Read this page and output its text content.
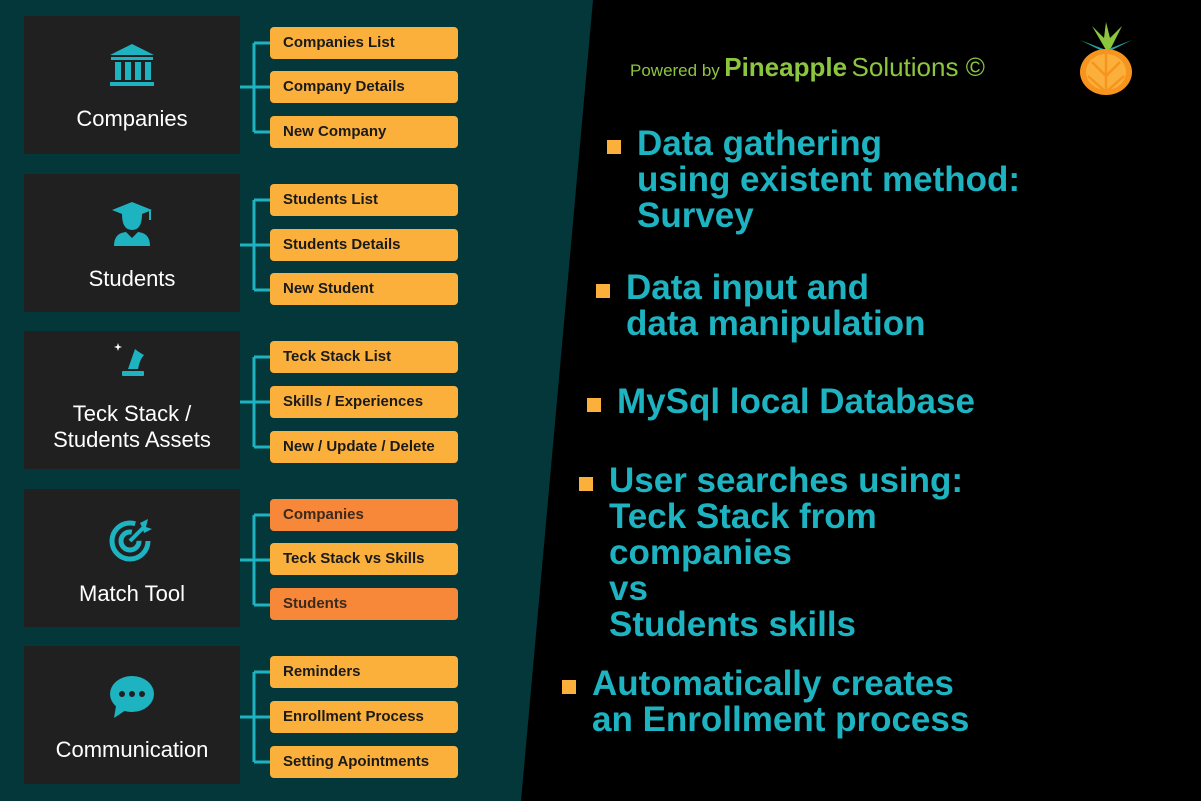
Companies
Companies List
Company Details
New Company
Students
Students List
Students Details
New Student
Teck Stack /
Students Assets
Teck Stack List
Skills / Experiences
New / Update / Delete
Match Tool
Companies
Teck Stack vs Skills
Students
Communication
Reminders
Enrollment Process
Setting Apointments
Powered by Pineapple Solutions ©
Data gathering
using existent method:
Survey
Data input and
data manipulation
MySql local Database
User searches using:
Teck Stack from
companies
vs
Students skills
Automatically creates
an Enrollment process
